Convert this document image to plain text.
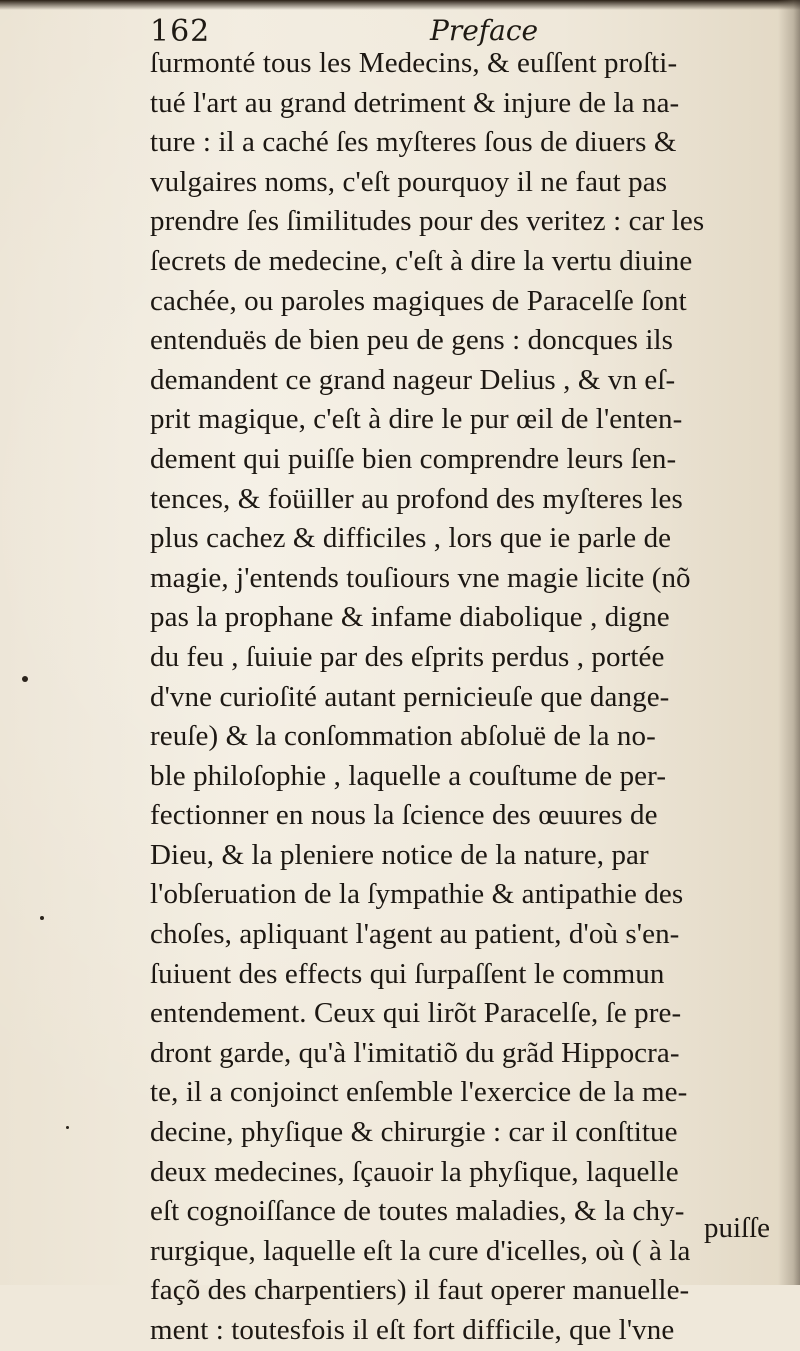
162	Preface
ſurmonté tous les Medecins, & euſſent proſti-
tué l'art au grand detriment & injure de la na-
ture : il a caché ſes myſteres ſous de diuers &
vulgaires noms, c'eſt pourquoy il ne faut pas
prendre ſes ſimilitudes pour des veritez : car les
ſecrets de medecine, c'eſt à dire la vertu diuine
cachée, ou paroles magiques de Paracelſe ſont
entenduës de bien peu de gens : doncques ils
demandent ce grand nageur Delius , & vn eſ-
prit magique, c'eſt à dire le pur œil de l'enten-
dement qui puiſſe bien comprendre leurs ſen-
tences, & foüiller au profond des myſteres les
plus cachez & difficiles , lors que ie parle de
magie, j'entends touſiours vne magie licite (nõ
pas la prophane & infame diabolique , digne
du feu , ſuiuie par des eſprits perdus , portée
d'vne curioſité autant pernicieuſe que dange-
reuſe) & la conſommation abſoluë de la no-
ble philoſophie , laquelle a couſtume de per-
fectionner en nous la ſcience des œuures de
Dieu, & la pleniere notice de la nature, par
l'obſeruation de la ſympathie & antipathie des
choſes, apliquant l'agent au patient, d'où s'en-
ſuiuent des effects qui ſurpaſſent le commun
entendement. Ceux qui lirõt Paracelſe, ſe pre-
dront garde, qu'à l'imitatiõ du grãd Hippocra-
te, il a conjoinct enſemble l'exercice de la me-
decine, phyſique & chirurgie : car il conſtitue
deux medecines, ſçauoir la phyſique, laquelle
eſt cognoiſſance de toutes maladies, & la chy-
rurgique, laquelle eſt la cure d'icelles, où ( à la
façõ des charpentiers) il faut operer manuelle-
ment : toutesfois il eſt fort difficile, que l'vne
puiſſe
